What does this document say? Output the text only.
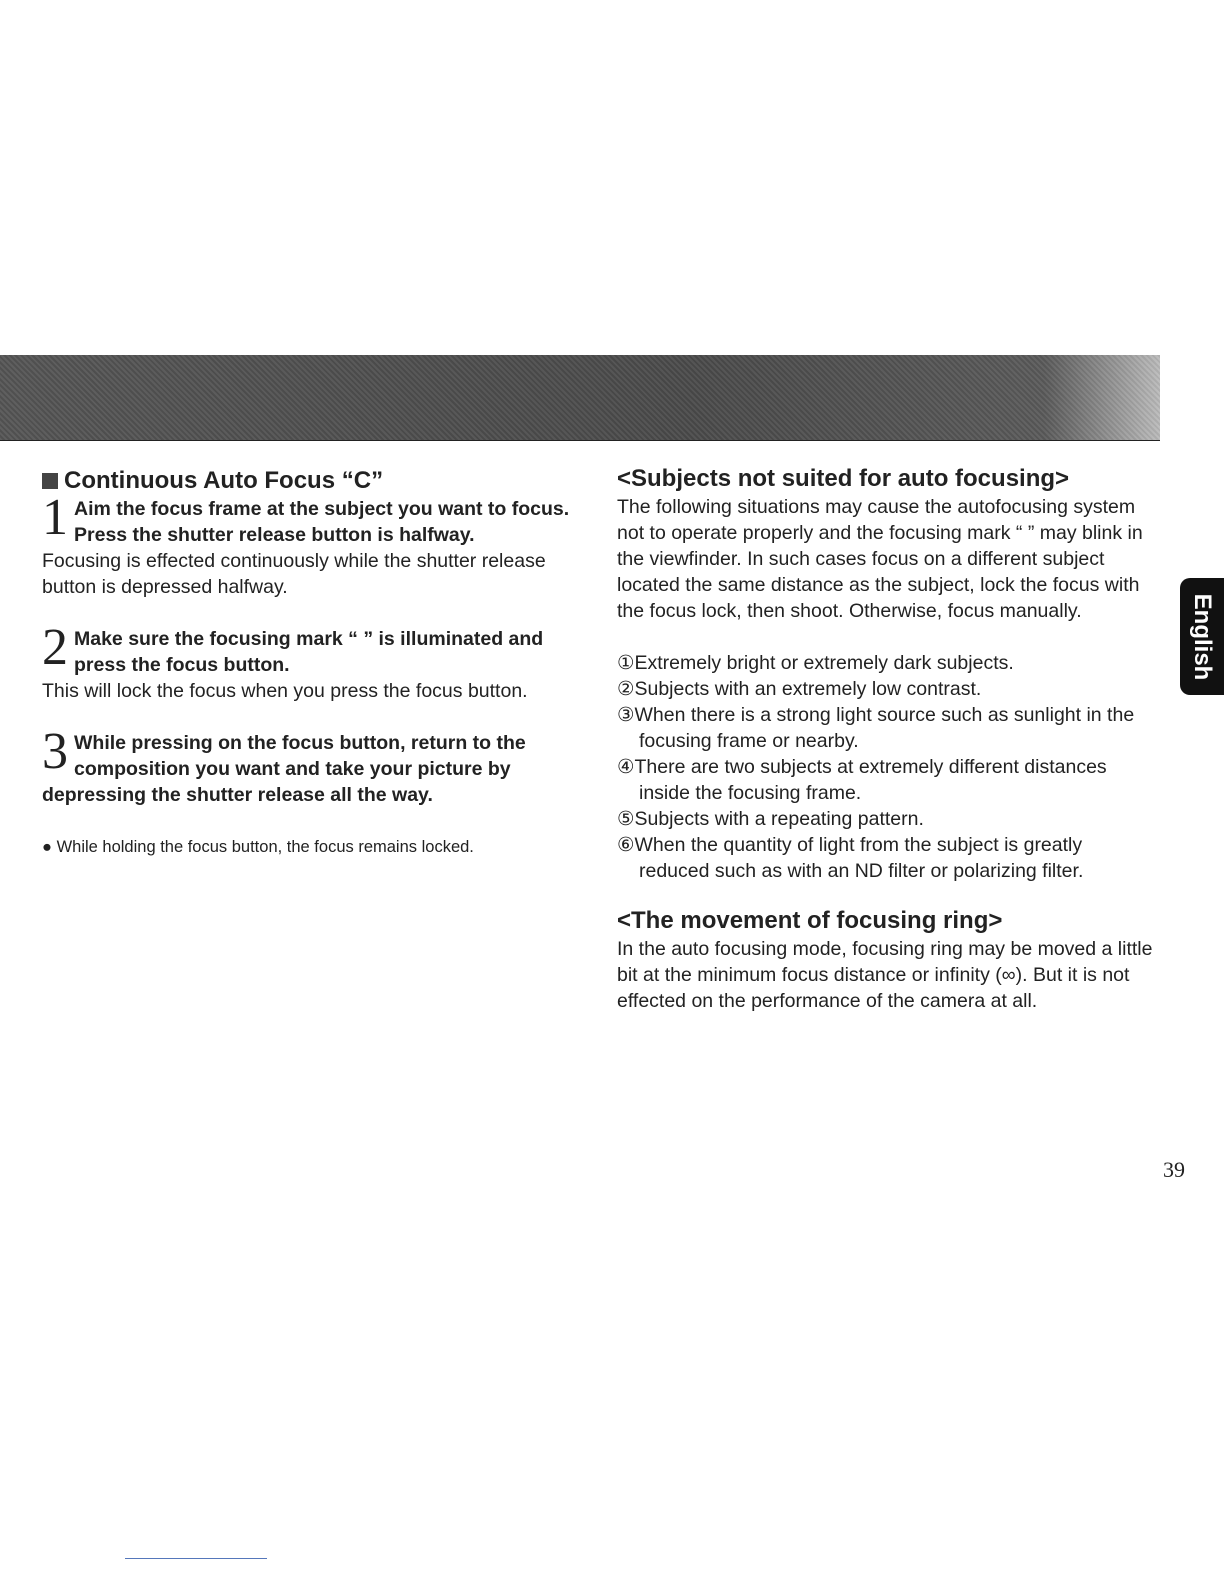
Continuous Auto Focus “C”

1 Aim the focus frame at the subject you want to focus. Press the shutter release button is halfway.

Focusing is effected continuously while the shutter release button is depressed halfway.

2 Make sure the focusing mark “ ” is illuminated and press the focus button.

This will lock the focus when you press the focus button.

3 While pressing on the focus button, return to the composition you want and take your picture by depressing the shutter release all the way.

● While holding the focus button, the focus remains locked.

<Subjects not suited for auto focusing>

The following situations may cause the autofocusing system not to operate properly and the focusing mark “ ” may blink in the viewfinder. In such cases focus on a different subject located the same distance as the subject, lock the focus with the focus lock, then shoot. Otherwise, focus manually.

①Extremely bright or extremely dark subjects.

②Subjects with an extremely low contrast.

③When there is a strong light source such as sunlight in the focusing frame or nearby.

④There are two subjects at extremely different distances inside the focusing frame.

⑤Subjects with a repeating pattern.

⑥When the quantity of light from the subject is greatly reduced such as with an ND filter or polarizing filter.

<The movement of focusing ring>

In the auto focusing mode, focusing ring may be moved a little bit at the minimum focus distance or infinity (∞). But it is not effected on the performance of the camera at all.

English
39
